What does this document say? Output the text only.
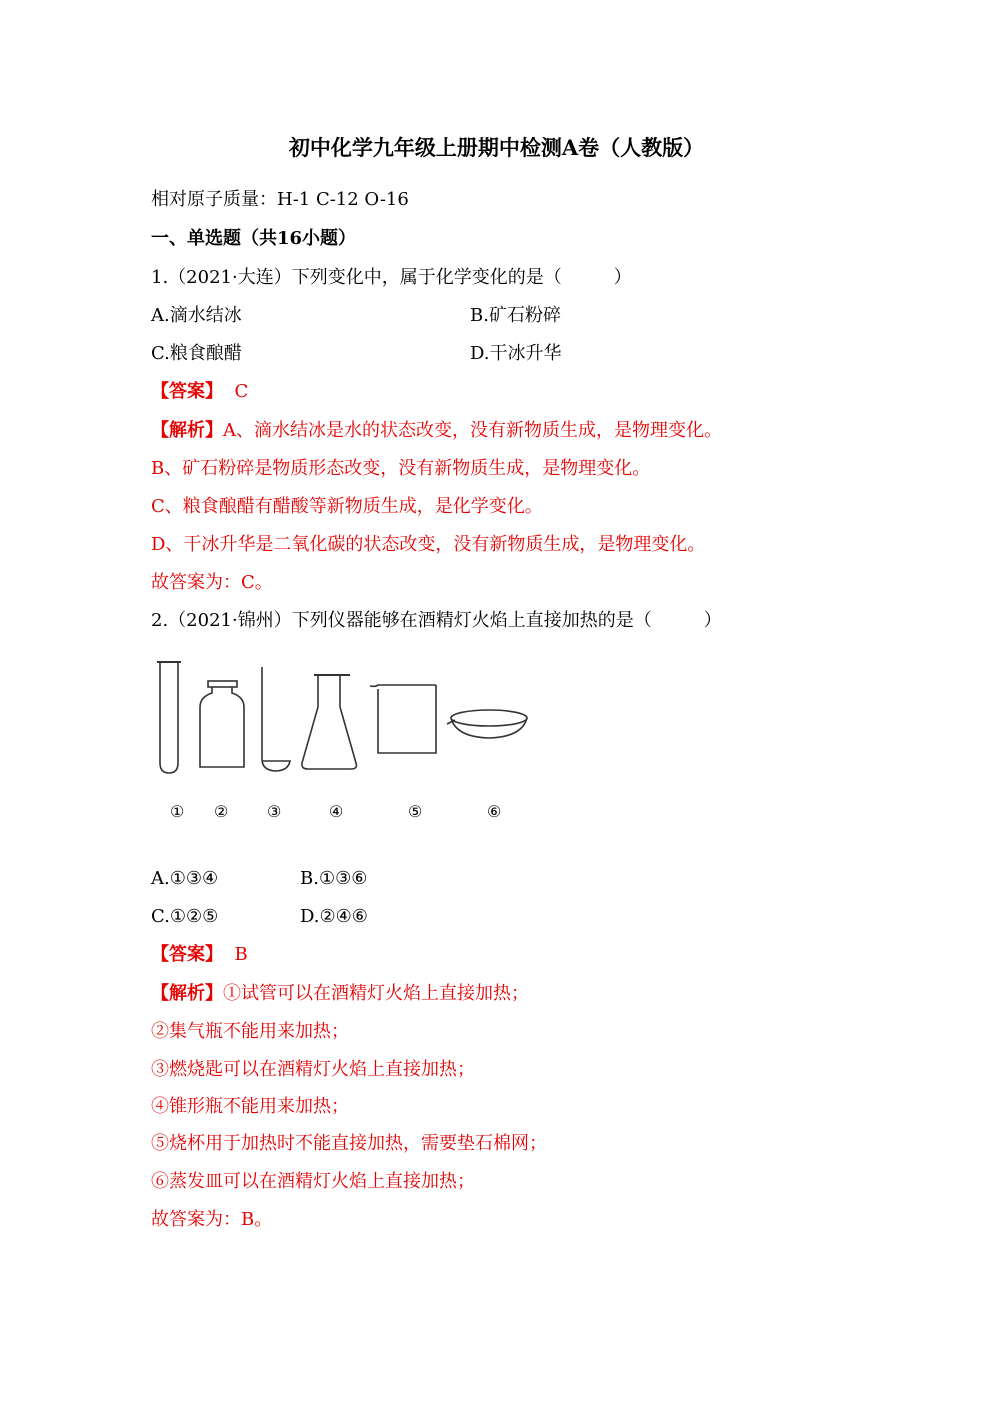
初中化学九年级上册期中检测A卷（人教版）
相对原子质量：H-1 C-12 O-16
一、单选题（共16小题）
1.（2021·大连）下列变化中，属于化学变化的是（	）
A.滴水结冰	B.矿石粉碎
C.粮食酿醋	D.干冰升华
【答案】 C
【解析】A、滴水结冰是水的状态改变，没有新物质生成，是物理变化。
B、矿石粉碎是物质形态改变，没有新物质生成，是物理变化。
C、粮食酿醋有醋酸等新物质生成，是化学变化。
D、干冰升华是二氧化碳的状态改变，没有新物质生成，是物理变化。
故答案为：C。
2.（2021·锦州）下列仪器能够在酒精灯火焰上直接加热的是（	）
① ② ③	④	⑤	⑥
A.①③④	B.①③⑥
C.①②⑤	D.②④⑥
【答案】 B
【解析】①试管可以在酒精灯火焰上直接加热；
②集气瓶不能用来加热；
③燃烧匙可以在酒精灯火焰上直接加热；
④锥形瓶不能用来加热；
⑤烧杯用于加热时不能直接加热，需要垫石棉网；
⑥蒸发皿可以在酒精灯火焰上直接加热；
故答案为：B。
